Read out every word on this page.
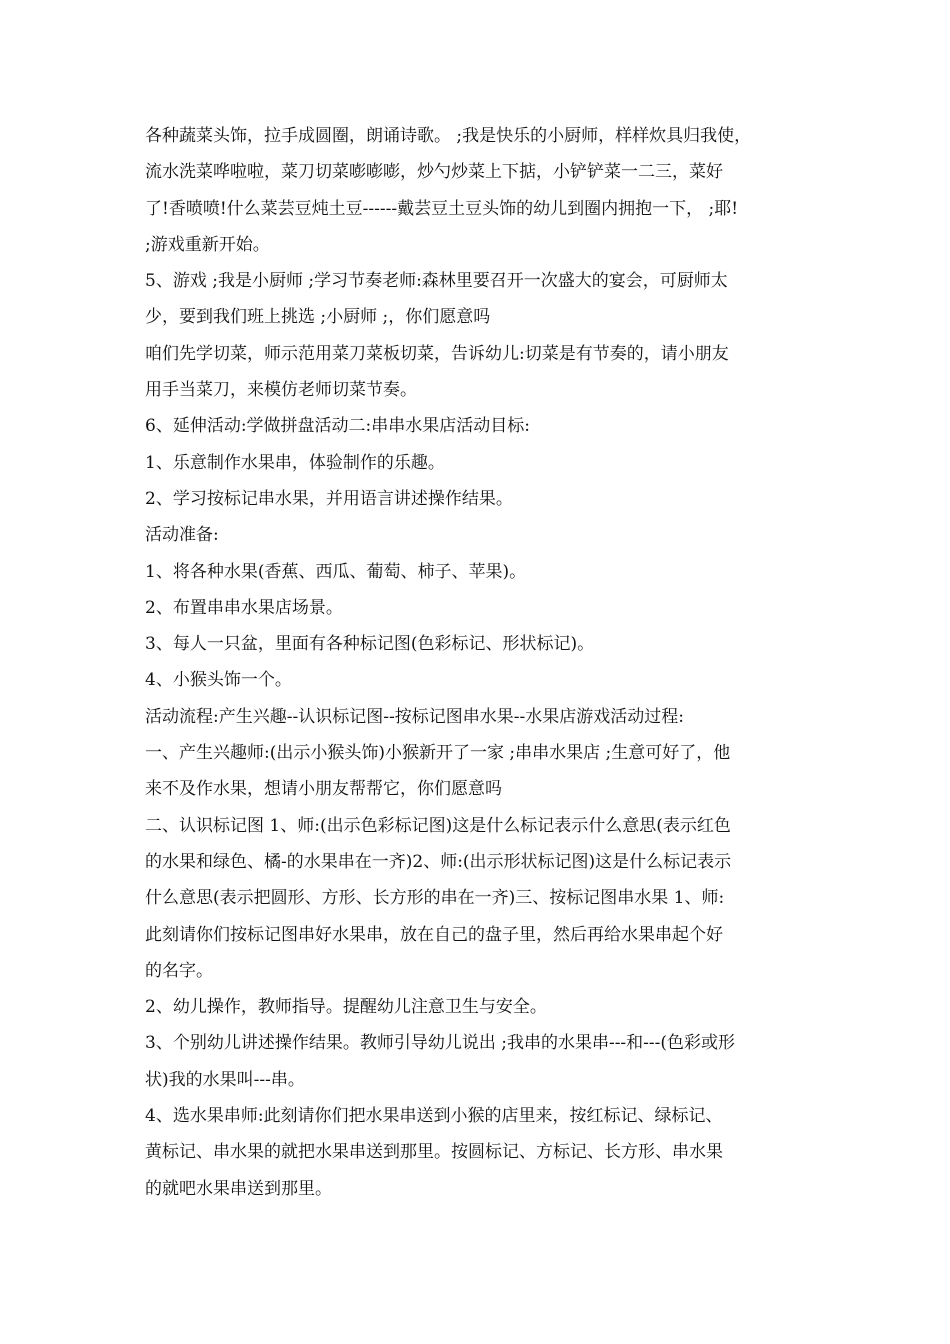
各种蔬菜头饰，拉手成圆圈，朗诵诗歌。 ;我是快乐的小厨师，样样炊具归我使，
流水洗菜哗啦啦，菜刀切菜嘭嘭嘭，炒勺炒菜上下掂，小铲铲菜一二三，菜好
了!香喷喷!什么菜芸豆炖土豆------戴芸豆土豆头饰的幼儿到圈内拥抱一下， ;耶!
;游戏重新开始。
5、游戏 ;我是小厨师 ;学习节奏老师:森林里要召开一次盛大的宴会，可厨师太
少，要到我们班上挑选 ;小厨师 ;，你们愿意吗
咱们先学切菜，师示范用菜刀菜板切菜，告诉幼儿:切菜是有节奏的，请小朋友
用手当菜刀，来模仿老师切菜节奏。
6、延伸活动:学做拼盘活动二:串串水果店活动目标:
1、乐意制作水果串，体验制作的乐趣。
2、学习按标记串水果，并用语言讲述操作结果。
活动准备:
1、将各种水果(香蕉、西瓜、葡萄、柿子、苹果)。
2、布置串串水果店场景。
3、每人一只盆，里面有各种标记图(色彩标记、形状标记)。
4、小猴头饰一个。
活动流程:产生兴趣--认识标记图--按标记图串水果--水果店游戏活动过程:
一、产生兴趣师:(出示小猴头饰)小猴新开了一家 ;串串水果店 ;生意可好了，他
来不及作水果，想请小朋友帮帮它，你们愿意吗
二、认识标记图 1、师:(出示色彩标记图)这是什么标记表示什么意思(表示红色
的水果和绿色、橘-的水果串在一齐)2、师:(出示形状标记图)这是什么标记表示
什么意思(表示把圆形、方形、长方形的串在一齐)三、按标记图串水果 1、师:
此刻请你们按标记图串好水果串，放在自己的盘子里，然后再给水果串起个好
的名字。
2、幼儿操作，教师指导。提醒幼儿注意卫生与安全。
3、个别幼儿讲述操作结果。教师引导幼儿说出 ;我串的水果串---和---(色彩或形
状)我的水果叫---串。
4、选水果串师:此刻请你们把水果串送到小猴的店里来，按红标记、绿标记、
黄标记、串水果的就把水果串送到那里。按圆标记、方标记、长方形、串水果
的就吧水果串送到那里。
